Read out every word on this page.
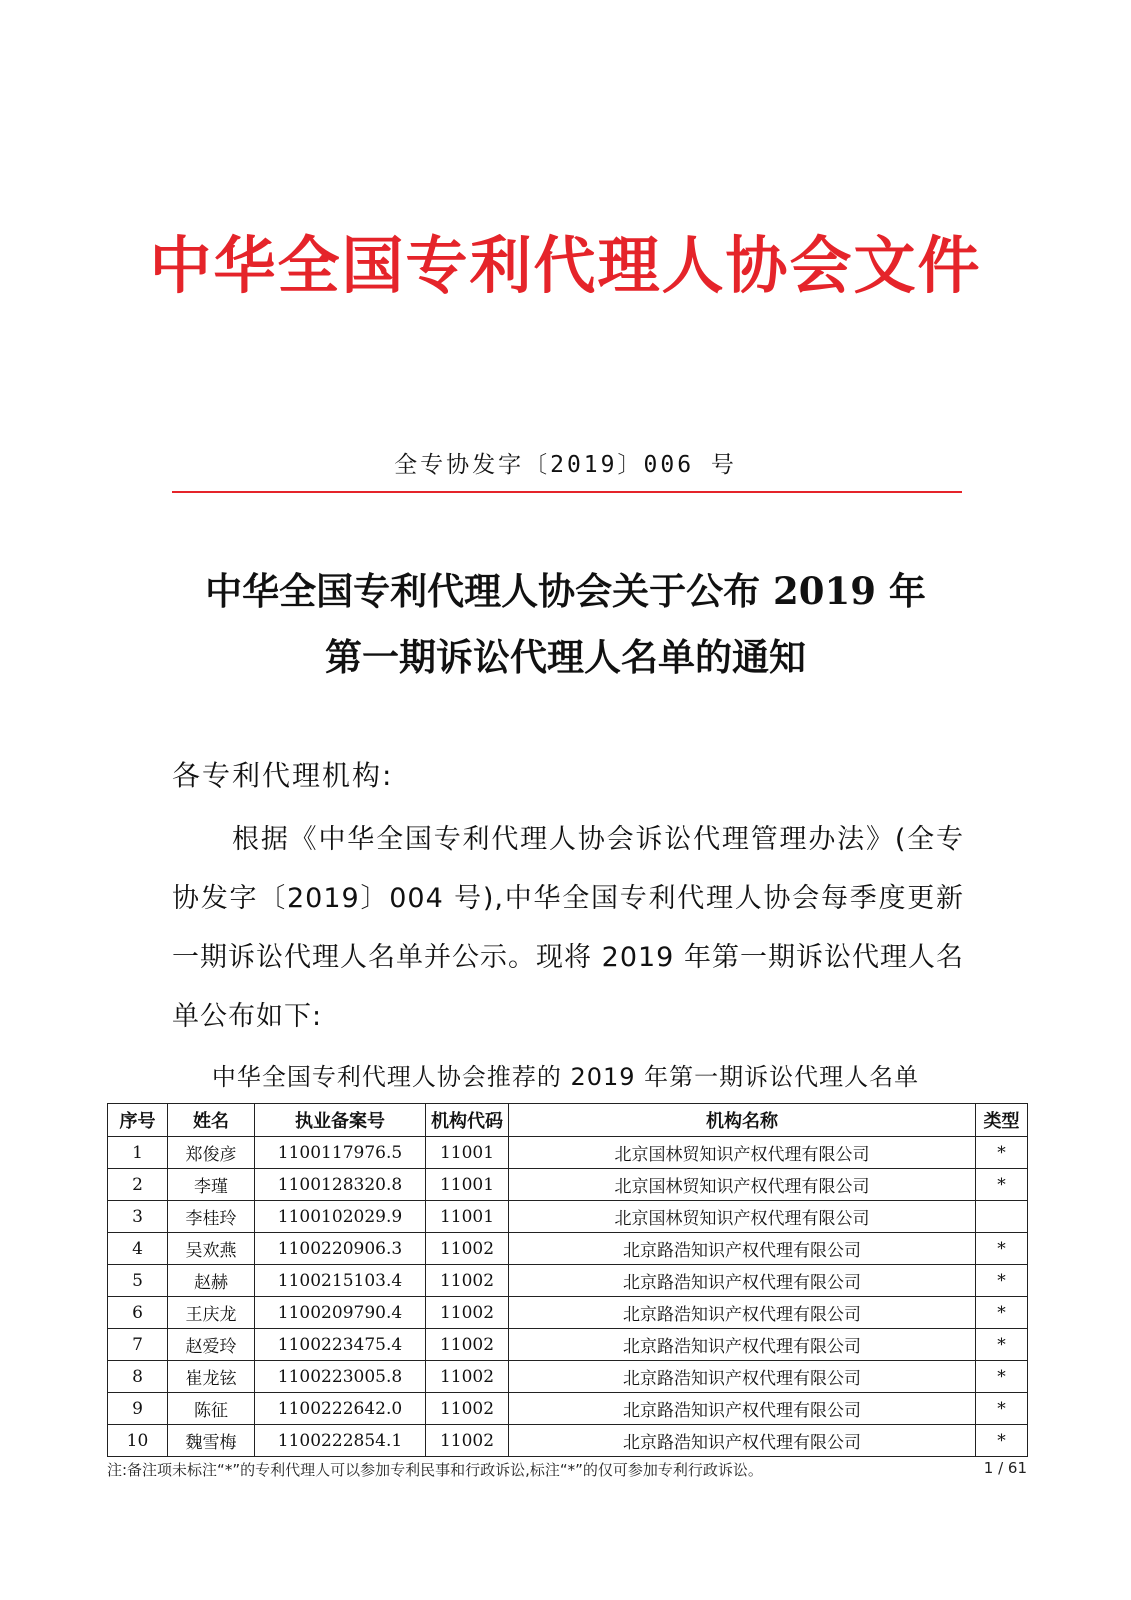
中华全国专利代理人协会文件
全专协发字〔2019〕006 号
中华全国专利代理人协会关于公布 2019 年
第一期诉讼代理人名单的通知
各专利代理机构:
根据《中华全国专利代理人协会诉讼代理管理办法》(全专协发字〔2019〕004 号),中华全国专利代理人协会每季度更新一期诉讼代理人名单并公示。现将 2019 年第一期诉讼代理人名单公布如下:
中华全国专利代理人协会推荐的 2019 年第一期诉讼代理人名单
序号	姓名	执业备案号	机构代码	机构名称	类型
1	郑俊彦	1100117976.5	11001	北京国林贸知识产权代理有限公司	*
2	李瑾	1100128320.8	11001	北京国林贸知识产权代理有限公司	*
3	李桂玲	1100102029.9	11001	北京国林贸知识产权代理有限公司	
4	吴欢燕	1100220906.3	11002	北京路浩知识产权代理有限公司	*
5	赵赫	1100215103.4	11002	北京路浩知识产权代理有限公司	*
6	王庆龙	1100209790.4	11002	北京路浩知识产权代理有限公司	*
7	赵爱玲	1100223475.4	11002	北京路浩知识产权代理有限公司	*
8	崔龙铉	1100223005.8	11002	北京路浩知识产权代理有限公司	*
9	陈征	1100222642.0	11002	北京路浩知识产权代理有限公司	*
10	魏雪梅	1100222854.1	11002	北京路浩知识产权代理有限公司	*
注:备注项未标注“*”的专利代理人可以参加专利民事和行政诉讼,标注“*”的仅可参加专利行政诉讼。	1 / 61
